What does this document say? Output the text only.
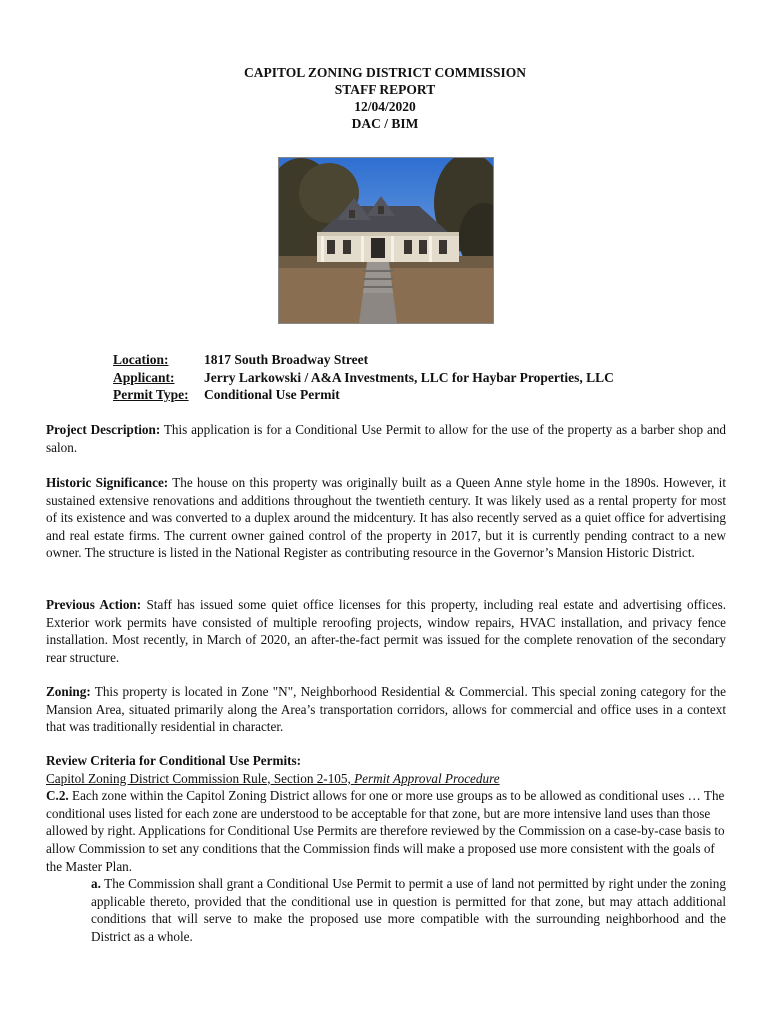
CAPITOL ZONING DISTRICT COMMISSION
STAFF REPORT
12/04/2020
DAC / BIM
Location:	1817 South Broadway Street
Applicant:	Jerry Larkowski / A&A Investments, LLC for Haybar Properties, LLC
Permit Type:	Conditional Use Permit
Project Description: This application is for a Conditional Use Permit to allow for the use of the property as a barber shop and salon.
Historic Significance: The house on this property was originally built as a Queen Anne style home in the 1890s. However, it sustained extensive renovations and additions throughout the twentieth century. It was likely used as a rental property for most of its existence and was converted to a duplex around the midcentury. It has also recently served as a quiet office for advertising and real estate firms. The current owner gained control of the property in 2017, but it is currently pending contract to a new owner. The structure is listed in the National Register as contributing resource in the Governor’s Mansion Historic District.
Previous Action: Staff has issued some quiet office licenses for this property, including real estate and advertising offices. Exterior work permits have consisted of multiple reroofing projects, window repairs, HVAC installation, and privacy fence installation. Most recently, in March of 2020, an after-the-fact permit was issued for the complete renovation of the secondary rear structure.
Zoning: This property is located in Zone "N", Neighborhood Residential & Commercial. This special zoning category for the Mansion Area, situated primarily along the Area’s transportation corridors, allows for commercial and office uses in a context that was traditionally residential in character.
Review Criteria for Conditional Use Permits:
Capitol Zoning District Commission Rule, Section 2-105, Permit Approval Procedure
C.2. Each zone within the Capitol Zoning District allows for one or more use groups as to be allowed as conditional uses … The conditional uses listed for each zone are understood to be acceptable for that zone, but are more intensive land uses than those allowed by right. Applications for Conditional Use Permits are therefore reviewed by the Commission on a case-by-case basis to allow Commission to set any conditions that the Commission finds will make a proposed use more consistent with the goals of the Master Plan.
a. The Commission shall grant a Conditional Use Permit to permit a use of land not permitted by right under the zoning applicable thereto, provided that the conditional use in question is permitted for that zone, but may attach additional conditions that will serve to make the proposed use more compatible with the surrounding neighborhood and the District as a whole.
